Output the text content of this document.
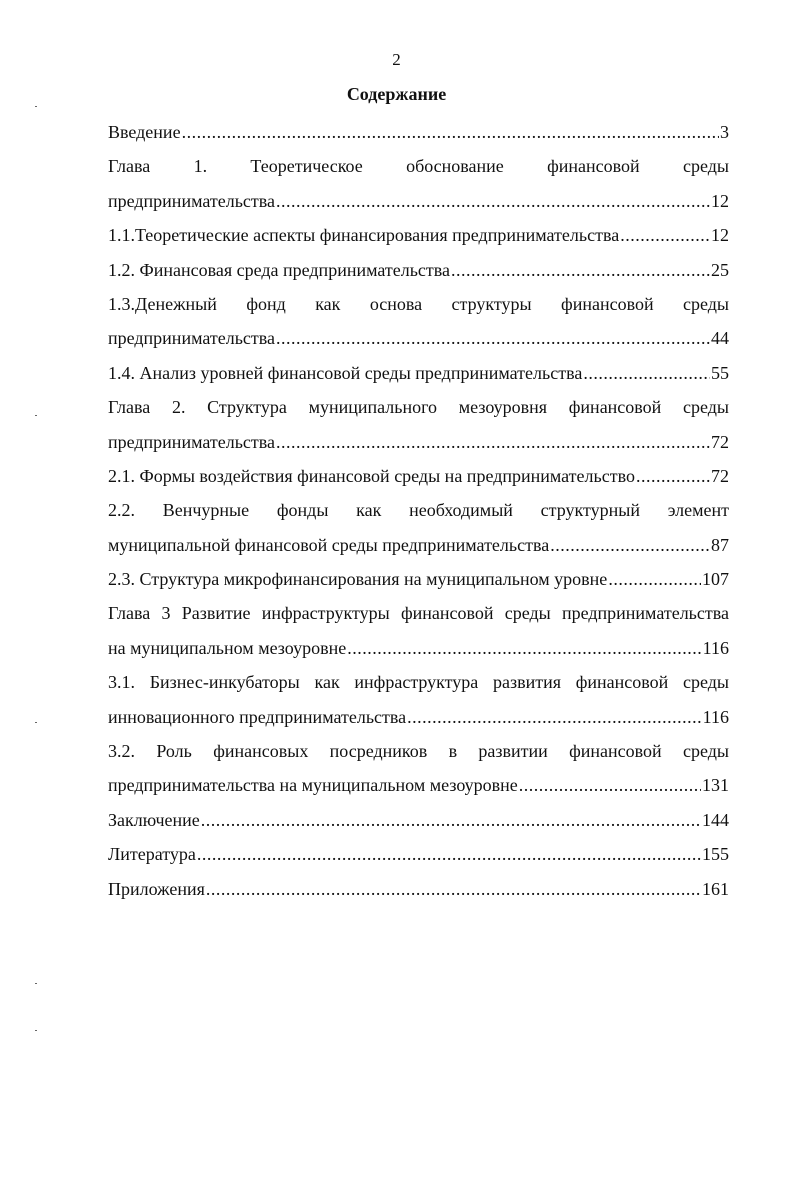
2
Содержание
Введение .....	3
Глава 1. Теоретическое обоснование финансовой среды
предпринимательства .....	12
1.1.Теоретические аспекты финансирования предпринимательства .....	12
1.2. Финансовая среда предпринимательства .....	25
1.3.Денежный фонд как основа структуры финансовой среды
предпринимательства .....	44
1.4. Анализ уровней финансовой среды предпринимательства .....	55
Глава 2. Структура муниципального мезоуровня финансовой среды
предпринимательства .....	72
2.1. Формы воздействия финансовой среды на предпринимательство .....	72
2.2. Венчурные фонды как необходимый структурный элемент
муниципальной финансовой среды предпринимательства .....	87
2.3. Структура микрофинансирования на муниципальном уровне .....	107
Глава 3 Развитие инфраструктуры финансовой среды предпринимательства
на муниципальном мезоуровне .....	116
3.1. Бизнес-инкубаторы как инфраструктура развития финансовой среды
инновационного предпринимательства .....	116
3.2. Роль финансовых посредников в развитии финансовой среды
предпринимательства на муниципальном мезоуровне .....	131
Заключение .....	144
Литература .....	155
Приложения .....	161
